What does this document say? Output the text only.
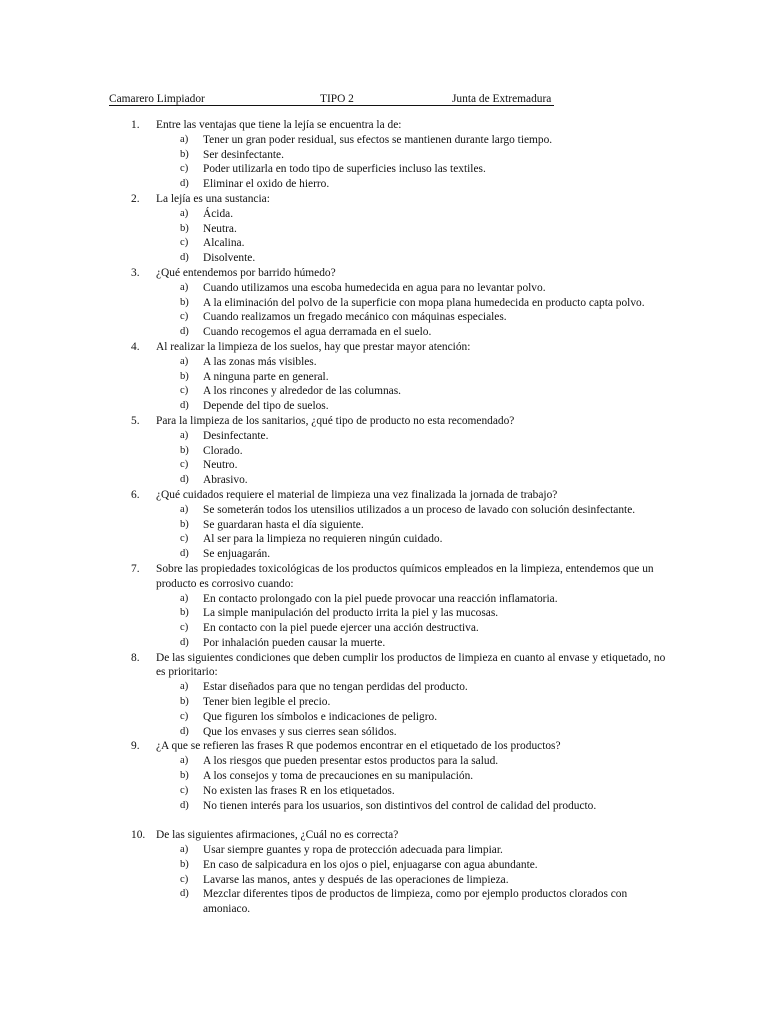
Camarero Limpiador	TIPO 2	Junta de Extremadura
1. Entre las ventajas que tiene la lejía se encuentra la de:
a) Tener un gran poder residual, sus efectos se mantienen durante largo tiempo.
b) Ser desinfectante.
c) Poder utilizarla en todo tipo de superficies incluso las textiles.
d) Eliminar el oxido de hierro.
2. La lejía es una sustancia:
a) Ácida.
b) Neutra.
c) Alcalina.
d) Disolvente.
3. ¿Qué entendemos por barrido húmedo?
a) Cuando utilizamos una escoba humedecida en agua para no levantar polvo.
b) A la eliminación del polvo de la superficie con mopa plana humedecida en producto capta polvo.
c) Cuando realizamos un fregado mecánico con máquinas especiales.
d) Cuando recogemos el agua derramada en el suelo.
4. Al realizar la limpieza de los suelos, hay que prestar mayor atención:
a) A las zonas más visibles.
b) A ninguna parte en general.
c) A los rincones y alrededor de las columnas.
d) Depende del tipo de suelos.
5. Para la limpieza de los sanitarios, ¿qué tipo de producto no esta recomendado?
a) Desinfectante.
b) Clorado.
c) Neutro.
d) Abrasivo.
6. ¿Qué cuidados requiere el material de limpieza una vez finalizada la jornada de trabajo?
a) Se someterán todos los utensilios utilizados a un proceso de lavado con solución desinfectante.
b) Se guardaran hasta el día siguiente.
c) Al ser para la limpieza no requieren ningún cuidado.
d) Se enjuagarán.
7. Sobre las propiedades toxicológicas de los productos químicos empleados en la limpieza, entendemos que un producto es corrosivo cuando:
a) En contacto prolongado con la piel puede provocar una reacción inflamatoria.
b) La simple manipulación del producto irrita la piel y las mucosas.
c) En contacto con la piel puede ejercer una acción destructiva.
d) Por inhalación pueden causar la muerte.
8. De las siguientes condiciones que deben cumplir los productos de limpieza en cuanto al envase y etiquetado, no es prioritario:
a) Estar diseñados para que no tengan perdidas del producto.
b) Tener bien legible el precio.
c) Que figuren los símbolos e indicaciones de peligro.
d) Que los envases y sus cierres sean sólidos.
9. ¿A que se refieren las frases R que podemos encontrar en el etiquetado de los productos?
a) A los riesgos que pueden presentar estos productos para la salud.
b) A los consejos y toma de precauciones en su manipulación.
c) No existen las frases R en los etiquetados.
d) No tienen interés para los usuarios, son distintivos del control de calidad del producto.
10. De las siguientes afirmaciones, ¿Cuál no es correcta?
a) Usar siempre guantes y ropa de protección adecuada para limpiar.
b) En caso de salpicadura en los ojos o piel, enjuagarse con agua abundante.
c) Lavarse las manos, antes y después de las operaciones de limpieza.
d) Mezclar diferentes tipos de productos de limpieza, como por ejemplo productos clorados con amoniaco.
